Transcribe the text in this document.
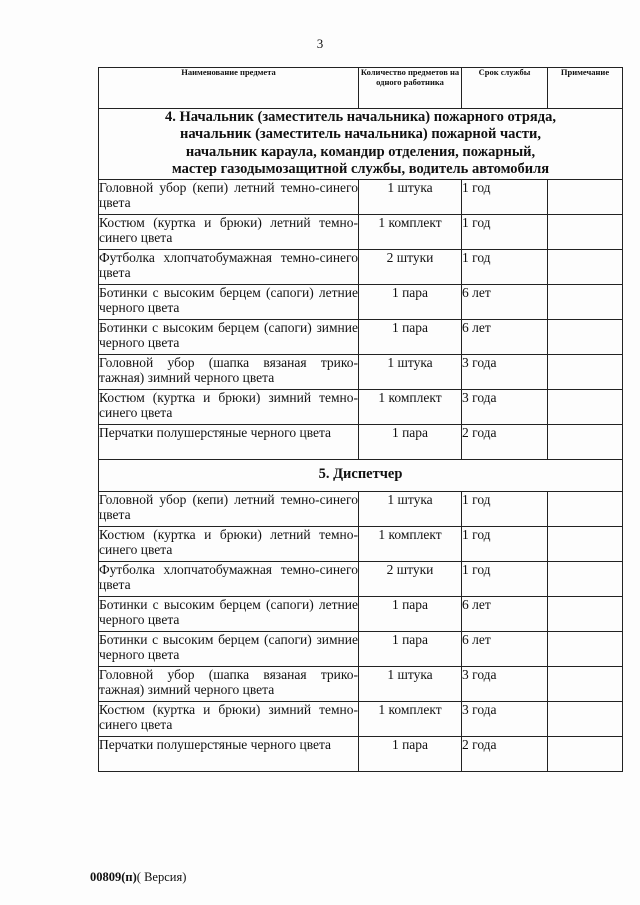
3
Наименование предмета	Количество предметов на одного работника	Срок службы	Примечание

4. Начальник (заместитель начальника) пожарного отряда,
начальник (заместитель начальника) пожарной части,
начальник караула, командир отделения, пожарный,
мастер газодымозащитной службы, водитель автомобиля			

Головной убор (кепи) летний темно-синего цвета	1 штука	1 год	
Костюм (куртка и брюки) летний темно-синего цвета	1 комплект	1 год	
Футболка хлопчатобумажная темно-синего цвета	2 штуки	1 год	
Ботинки с высоким берцем (сапоги) летние черного цвета	1 пара	6 лет	
Ботинки с высоким берцем (сапоги) зимние черного цвета	1 пара	6 лет	
Головной убор (шапка вязаная трико-тажная) зимний черного цвета	1 штука	3 года	
Костюм (куртка и брюки) зимний темно-синего цвета	1 комплект	3 года	
Перчатки полушерстяные черного цвета	1 пара	2 года	

5. Диспетчер			

Головной убор (кепи) летний темно-синего цвета	1 штука	1 год	
Костюм (куртка и брюки) летний темно-синего цвета	1 комплект	1 год	
Футболка хлопчатобумажная темно-синего цвета	2 штуки	1 год	
Ботинки с высоким берцем (сапоги) летние черного цвета	1 пара	6 лет	
Ботинки с высоким берцем (сапоги) зимние черного цвета	1 пара	6 лет	
Головной убор (шапка вязаная трико-тажная) зимний черного цвета	1 штука	3 года	
Костюм (куртка и брюки) зимний темно-синего цвета	1 комплект	3 года	
Перчатки полушерстяные черного цвета	1 пара	2 года	
00809(п)( Версия)
